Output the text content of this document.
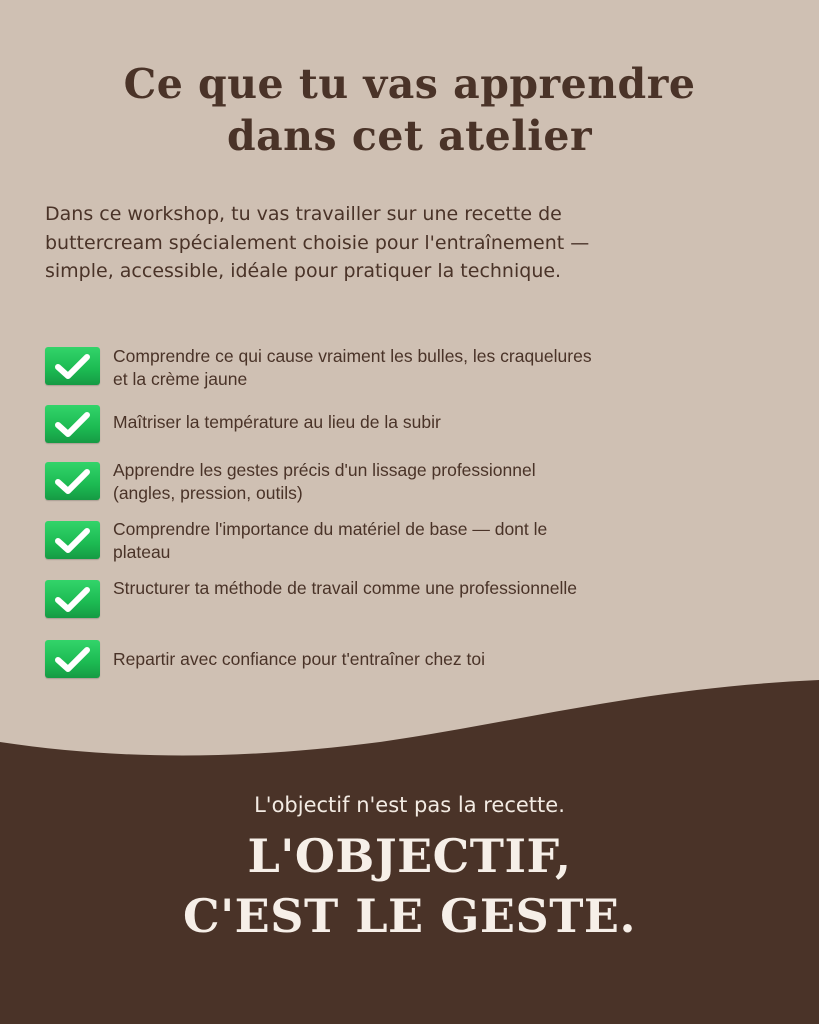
Ce que tu vas apprendre
dans cet atelier

Dans ce workshop, tu vas travailler sur une recette de buttercream spécialement choisie pour l'entraînement — simple, accessible, idéale pour pratiquer la technique.

Comprendre ce qui cause vraiment les bulles, les craquelures et la crème jaune
Maîtriser la température au lieu de la subir
Apprendre les gestes précis d'un lissage professionnel (angles, pression, outils)
Comprendre l'importance du matériel de base — dont le plateau
Structurer ta méthode de travail comme une professionnelle
Repartir avec confiance pour t'entraîner chez toi

L'objectif n'est pas la recette.

L'OBJECTIF,
C'EST LE GESTE.
